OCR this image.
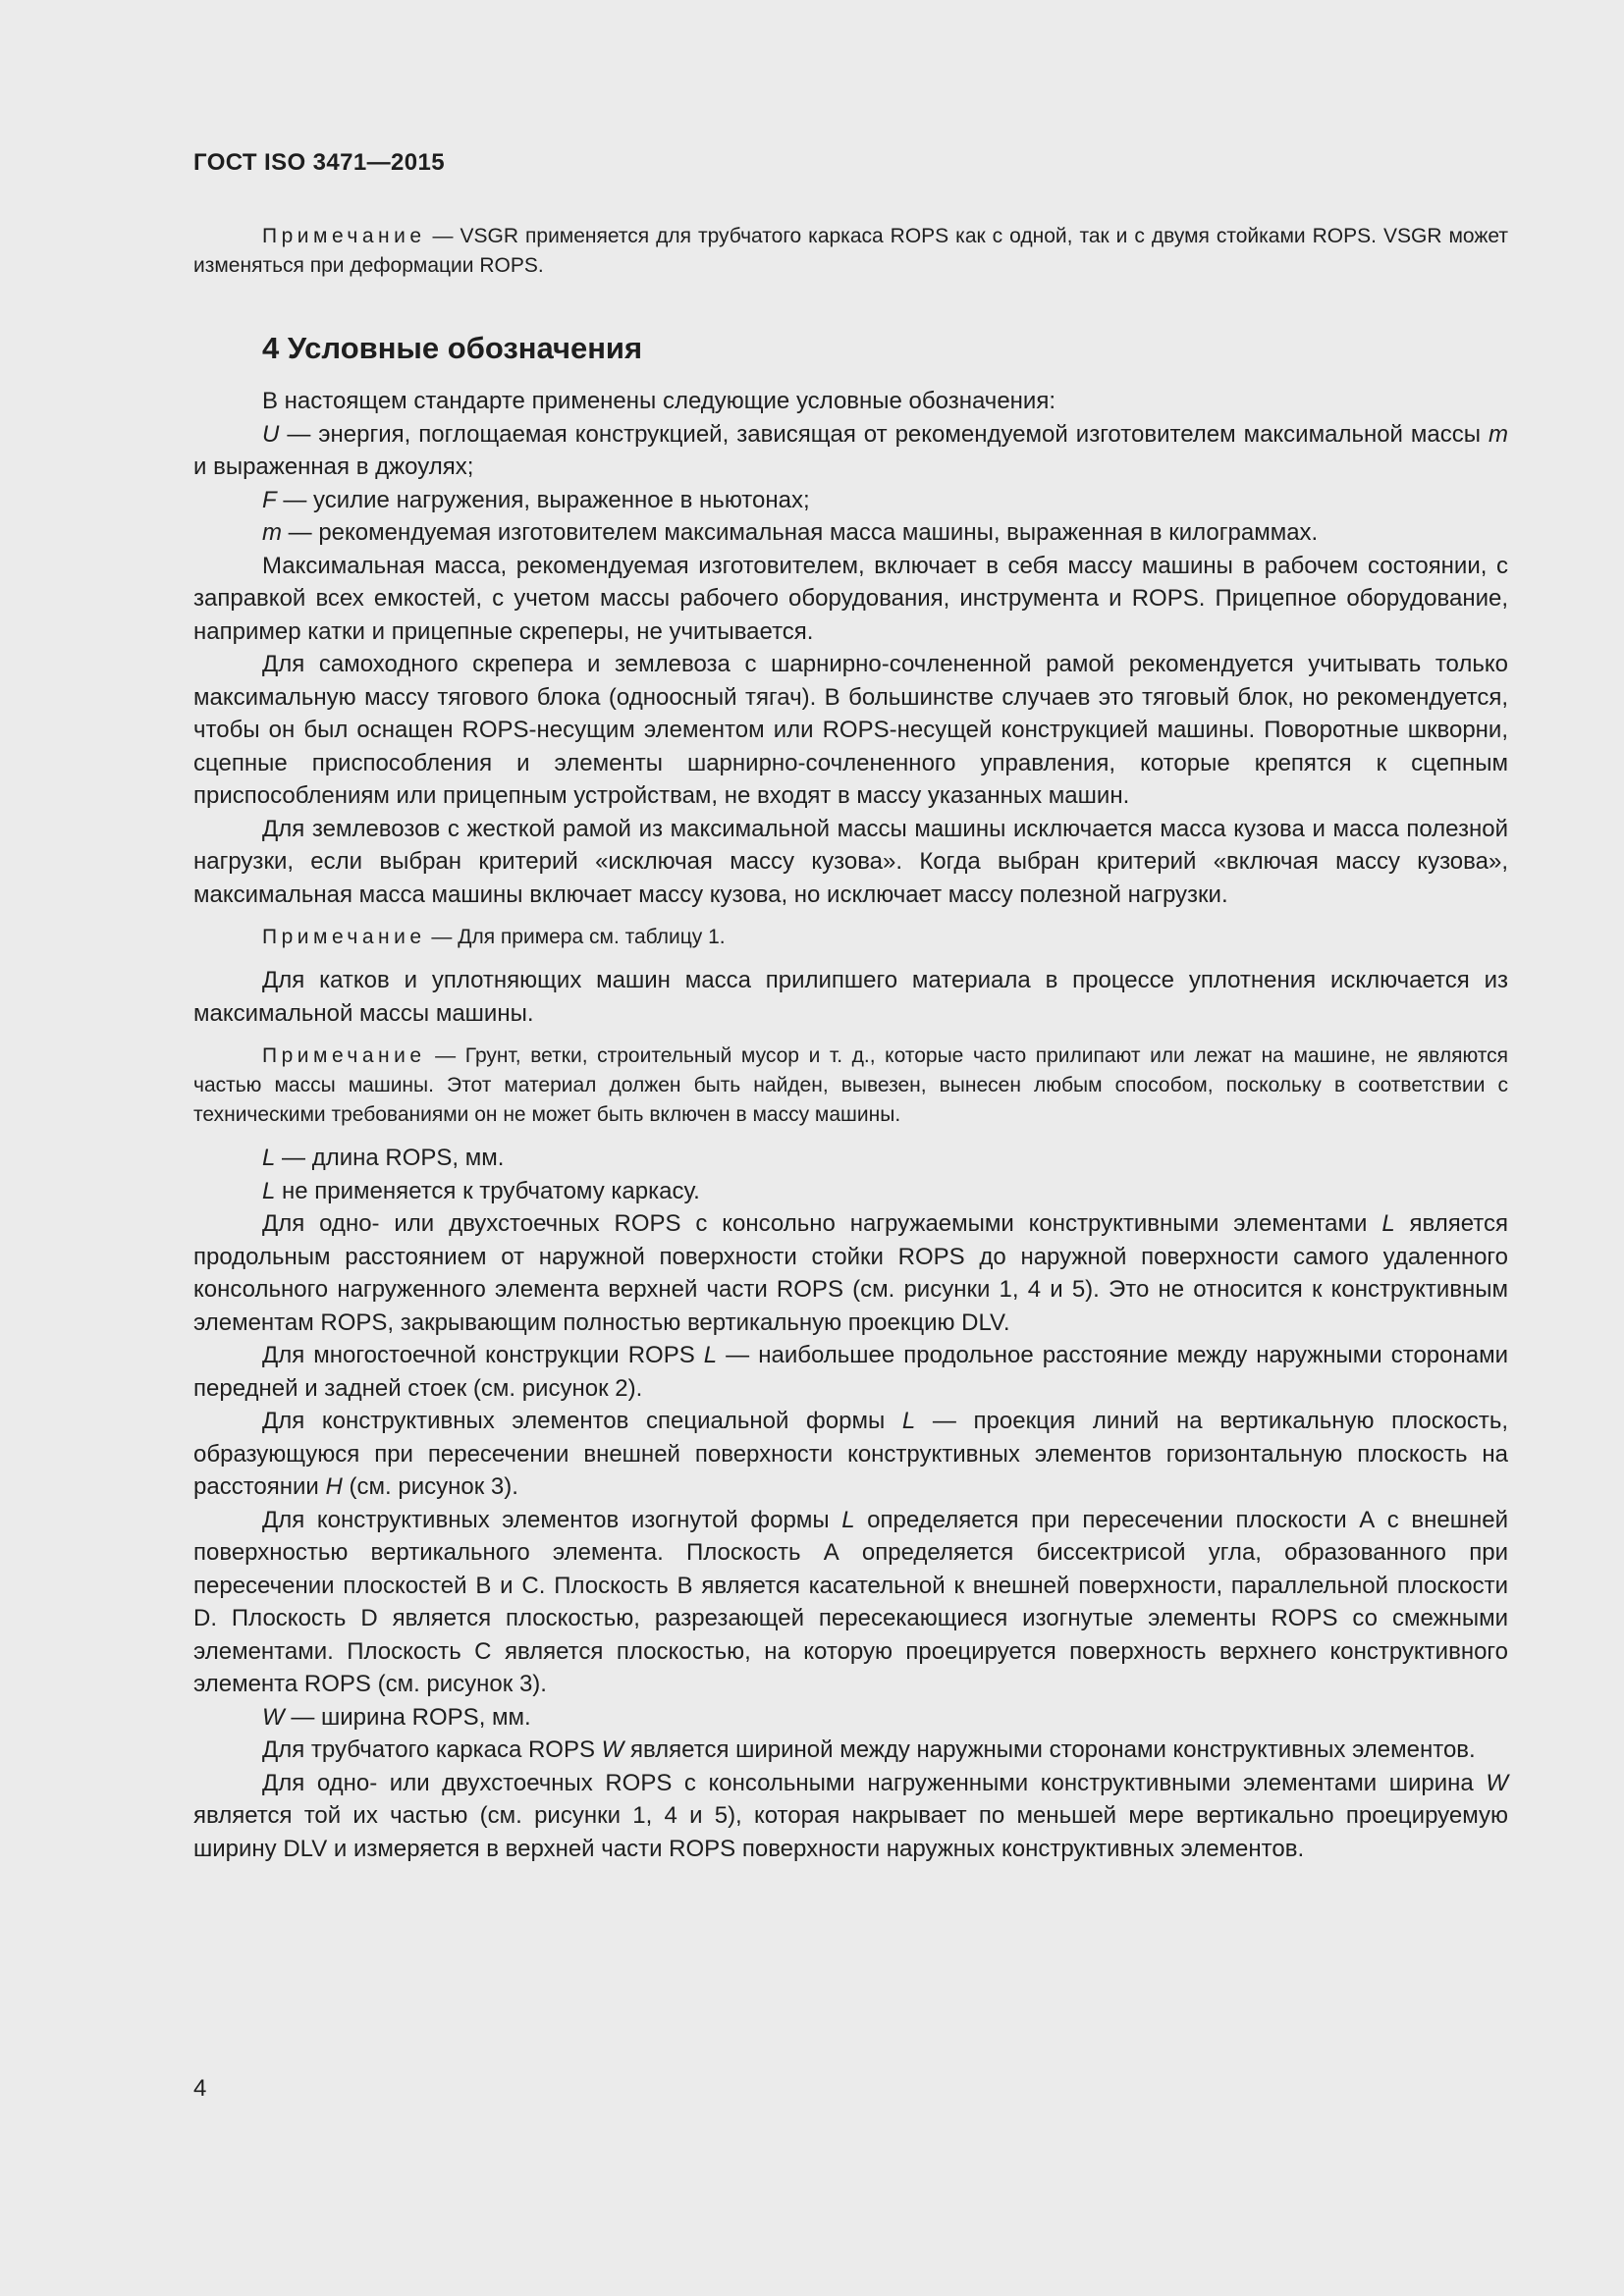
ГОСТ ISO 3471—2015

Примечание — VSGR применяется для трубчатого каркаса ROPS как с одной, так и с двумя стойками ROPS. VSGR может изменяться при деформации ROPS.

4 Условные обозначения

В настоящем стандарте применены следующие условные обозначения:

U — энергия, поглощаемая конструкцией, зависящая от рекомендуемой изготовителем максимальной массы m и выраженная в джоулях;

F — усилие нагружения, выраженное в ньютонах;

m — рекомендуемая изготовителем максимальная масса машины, выраженная в килограммах.

Максимальная масса, рекомендуемая изготовителем, включает в себя массу машины в рабочем состоянии, с заправкой всех емкостей, с учетом массы рабочего оборудования, инструмента и ROPS. Прицепное оборудование, например катки и прицепные скреперы, не учитывается.

Для самоходного скрепера и землевоза с шарнирно-сочлененной рамой рекомендуется учитывать только максимальную массу тягового блока (одноосный тягач). В большинстве случаев это тяговый блок, но рекомендуется, чтобы он был оснащен ROPS-несущим элементом или ROPS-несущей конструкцией машины. Поворотные шкворни, сцепные приспособления и элементы шарнирно-сочлененного управления, которые крепятся к сцепным приспособлениям или прицепным устройствам, не входят в массу указанных машин.

Для землевозов с жесткой рамой из максимальной массы машины исключается масса кузова и масса полезной нагрузки, если выбран критерий «исключая массу кузова». Когда выбран критерий «включая массу кузова», максимальная масса машины включает массу кузова, но исключает массу полезной нагрузки.

Примечание — Для примера см. таблицу 1.

Для катков и уплотняющих машин масса прилипшего материала в процессе уплотнения исключается из максимальной массы машины.

Примечание — Грунт, ветки, строительный мусор и т. д., которые часто прилипают или лежат на машине, не являются частью массы машины. Этот материал должен быть найден, вывезен, вынесен любым способом, поскольку в соответствии с техническими требованиями он не может быть включен в массу машины.

L — длина ROPS, мм.

L не применяется к трубчатому каркасу.

Для одно- или двухстоечных ROPS с консольно нагружаемыми конструктивными элементами L является продольным расстоянием от наружной поверхности стойки ROPS до наружной поверхности самого удаленного консольного нагруженного элемента верхней части ROPS (см. рисунки 1, 4 и 5). Это не относится к конструктивным элементам ROPS, закрывающим полностью вертикальную проекцию DLV.

Для многостоечной конструкции ROPS L — наибольшее продольное расстояние между наружными сторонами передней и задней стоек (см. рисунок 2).

Для конструктивных элементов специальной формы L — проекция линий на вертикальную плоскость, образующуюся при пересечении внешней поверхности конструктивных элементов горизонтальную плоскость на расстоянии H (см. рисунок 3).

Для конструктивных элементов изогнутой формы L определяется при пересечении плоскости А с внешней поверхностью вертикального элемента. Плоскость А определяется биссектрисой угла, образованного при пересечении плоскостей В и С. Плоскость В является касательной к внешней поверхности, параллельной плоскости D. Плоскость D является плоскостью, разрезающей пересекающиеся изогнутые элементы ROPS со смежными элементами. Плоскость С является плоскостью, на которую проецируется поверхность верхнего конструктивного элемента ROPS (см. рисунок 3).

W — ширина ROPS, мм.

Для трубчатого каркаса ROPS W является шириной между наружными сторонами конструктивных элементов.

Для одно- или двухстоечных ROPS с консольными нагруженными конструктивными элементами ширина W является той их частью (см. рисунки 1, 4 и 5), которая накрывает по меньшей мере вертикально проецируемую ширину DLV и измеряется в верхней части ROPS поверхности наружных конструктивных элементов.

4
